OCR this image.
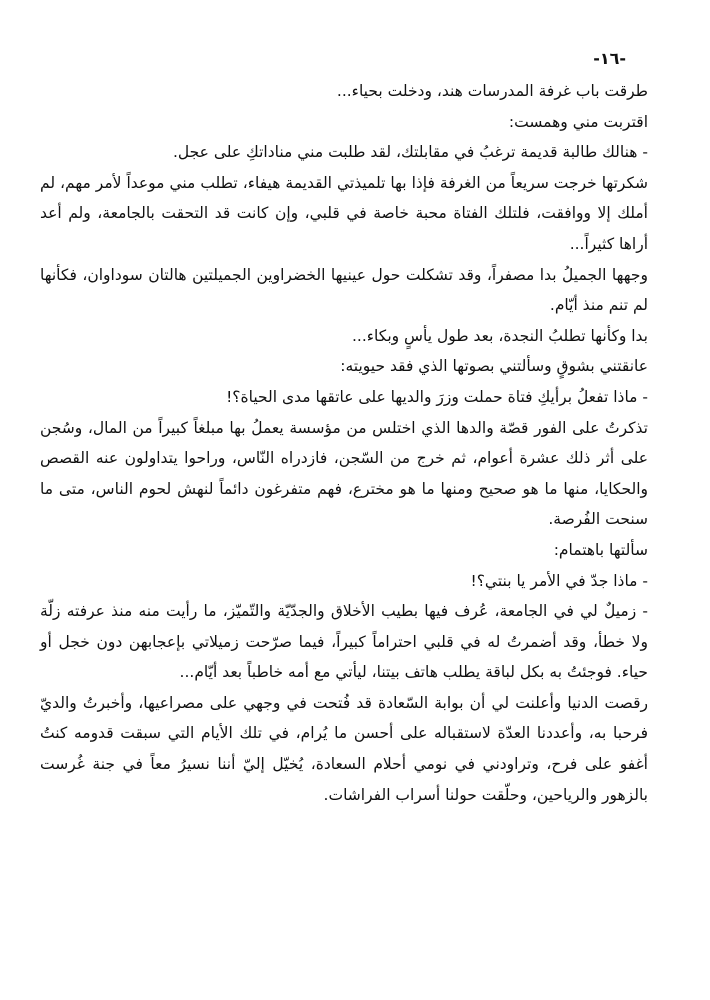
-١٦-

طرقت باب غرفة المدرسات هند، ودخلت بحياء...

اقتربت مني وهمست:

- هنالك طالبة قديمة ترغبُ في مقابلتك، لقد طلبت مني مناداتكِ على عجل.

شكرتها خرجت سريعاً من الغرفة فإذا بها تلميذتي القديمة هيفاء، تطلب مني موعداً لأمر مهم، لم أملك إلا ووافقت، فلتلك الفتاة محبة خاصة في قلبي، وإن كانت قد التحقت بالجامعة، ولم أعد أراها كثيراً...

وجهها الجميلُ بدا مصفراً، وقد تشكلت حول عينيها الخضراوين الجميلتين هالتان سوداوان، فكأنها لم تنم منذ أيّام.

بدا وكأنها تطلبُ النجدة، بعد طول يأسٍ وبكاء...

عانقتني بشوقٍ وسألتني بصوتها الذي فقد حيويته:

- ماذا تفعلُ برأيكِ فتاة حملت وزرَ والديها على عاتقها مدى الحياة؟!

تذكرتُ على الفور قصّة والدها الذي اختلس من مؤسسة يعملُ بها مبلغاً كبيراً من المال، وسُجن على أثر ذلك عشرة أعوام، ثم خرج من السّجن، فازدراه النّاس، وراحوا يتداولون عنه القصص والحكايا، منها ما هو صحيح ومنها ما هو مخترع، فهم متفرغون دائماً لنهش لحوم الناس، متى ما سنحت الفُرصة.

سألتها باهتمام:

- ماذا جدّ في الأمر يا بنتي؟!

- زميلٌ لي في الجامعة، عُرف فيها بطيب الأخلاق والجدّيّة والتّميّز، ما رأيت منه منذ عرفته زلّة ولا خطأ، وقد أضمرتُ له في قلبي احتراماً كبيراً، فيما صرّحت زميلاتي بإعجابهن دون خجل أو حياء. فوجئتُ به بكل لباقة يطلب هاتف بيتنا، ليأتي مع أمه خاطباً بعد أيّام...

رقصت الدنيا وأعلنت لي أن بوابة السّعادة قد فُتحت في وجهي على مصراعيها، وأخبرتُ والديّ فرحبا به، وأعددنا العدّة لاستقباله على أحسن ما يُرام، في تلك الأيام التي سبقت قدومه كنتُ أغفو على فرح، وتراودني في نومي أحلام السعادة، يُخيّل إليّ أننا نسيرُ معاً في جنة غُرست بالزهور والرياحين، وحلّقت حولنا أسراب الفراشات.
